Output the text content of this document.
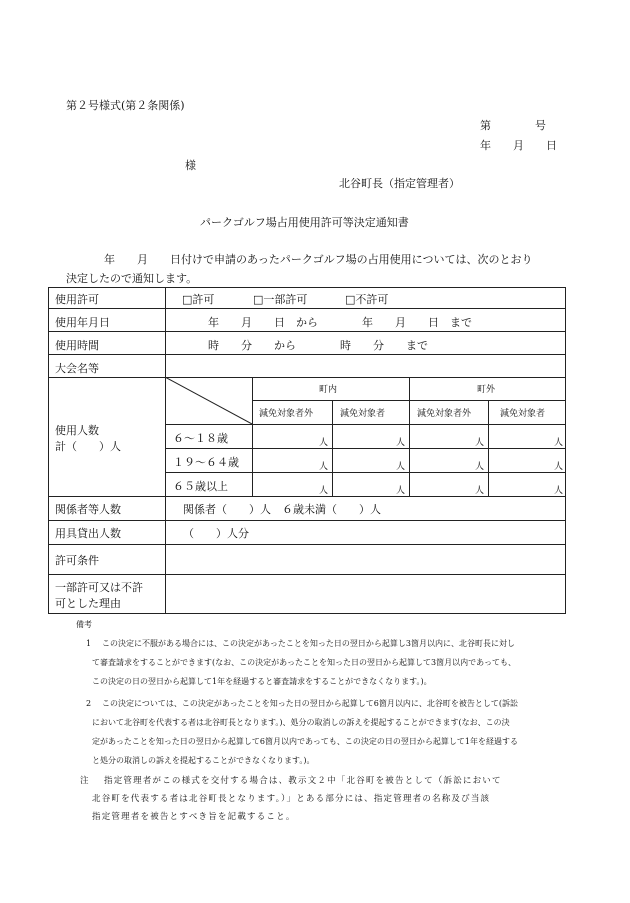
第２号様式(第２条関係)
第　　　　号
年　　月　　日
様
北谷町長（指定管理者）
パークゴルフ場占用使用許可等決定通知書
年　　月　　日付けで申請のあったパークゴルフ場の占用使用については、次のとおり
決定したので通知します。
使用許可	□許可	□一部許可	□不許可
使用年月日	年　　月　　日　から　　　　年　　月　　日　まで
使用時間	時　　分　　から　　　　時　　分　　まで
大会名等
使用人数
計（　　）人
町内	町外
減免対象者外	減免対象者	減免対象者外	減免対象者
６～１８歳	人	人	人	人
１９～６４歳	人	人	人	人
６５歳以上	人	人	人	人
関係者等人数	関係者（　　）人　６歳未満（　　）人
用具貸出人数	（　　）人分
許可条件
一部許可又は不許
可とした理由
備考
1 この決定に不服がある場合には、この決定があったことを知った日の翌日から起算し3箇月以内に、北谷町長に対し
て審査請求をすることができます(なお、この決定があったことを知った日の翌日から起算して3箇月以内であっても、
この決定の日の翌日から起算して1年を経過すると審査請求をすることができなくなります。)。
2 この決定については、この決定があったことを知った日の翌日から起算して6箇月以内に、北谷町を被告として(訴訟
において北谷町を代表する者は北谷町長となります。)、処分の取消しの訴えを提起することができます(なお、この決
定があったことを知った日の翌日から起算して6箇月以内であっても、この決定の日の翌日から起算して1年を経過する
と処分の取消しの訴えを提起することができなくなります。)。
注 指定管理者がこの様式を交付する場合は、教示文２中「北谷町を被告として（訴訟において
北谷町を代表する者は北谷町長となります。）」とある部分には、指定管理者の名称及び当該
指定管理者を被告とすべき旨を記載すること。
